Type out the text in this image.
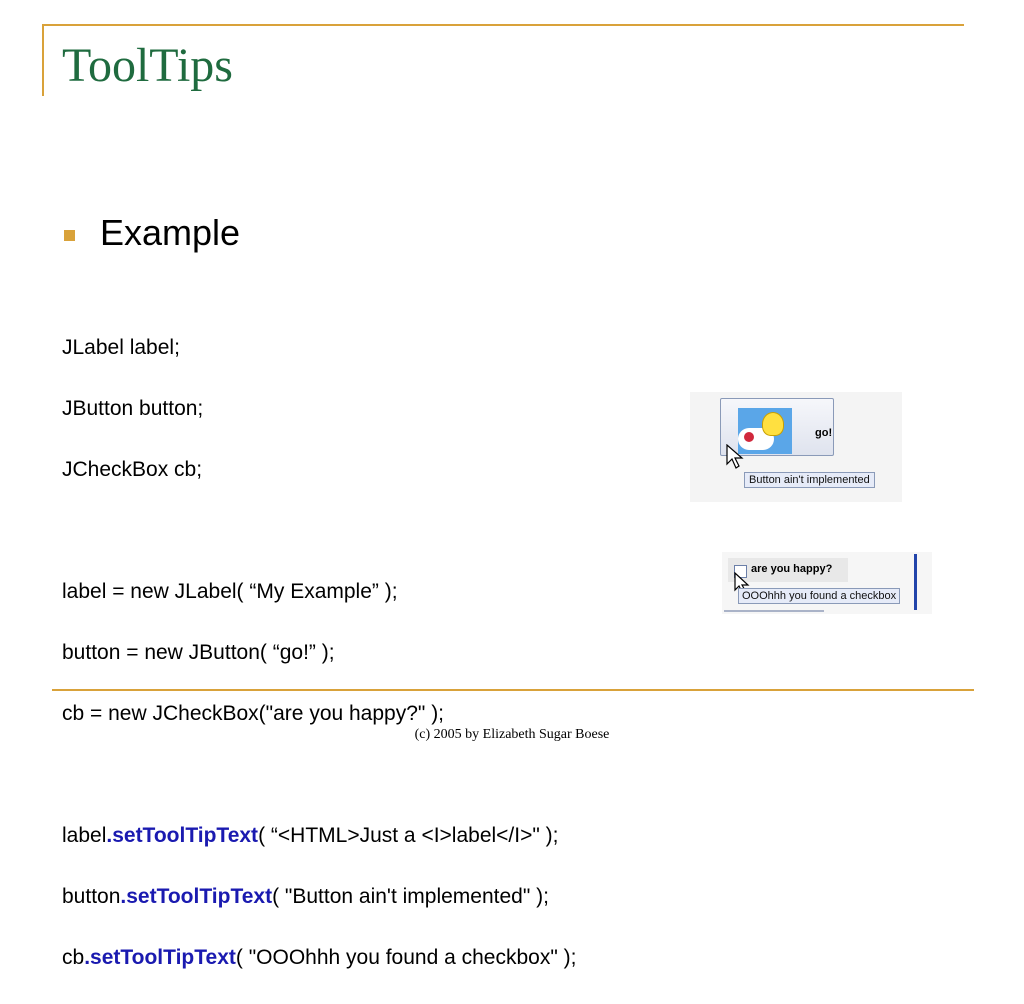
ToolTips
Example

JLabel label;

JButton button;

JCheckBox cb;

label = new JLabel( “My Example” );

button = new JButton( “go!” );

cb = new JCheckBox("are you happy?" );

label.setToolTipText( “<HTML>Just a <I>label</I>" );

button.setToolTipText( "Button ain't implemented" );

cb.setToolTipText( "OOOhhh you found a checkbox" );

go!
Button ain't implemented
are you happy?
OOOhhh you found a checkbox
(c) 2005 by Elizabeth Sugar Boese
